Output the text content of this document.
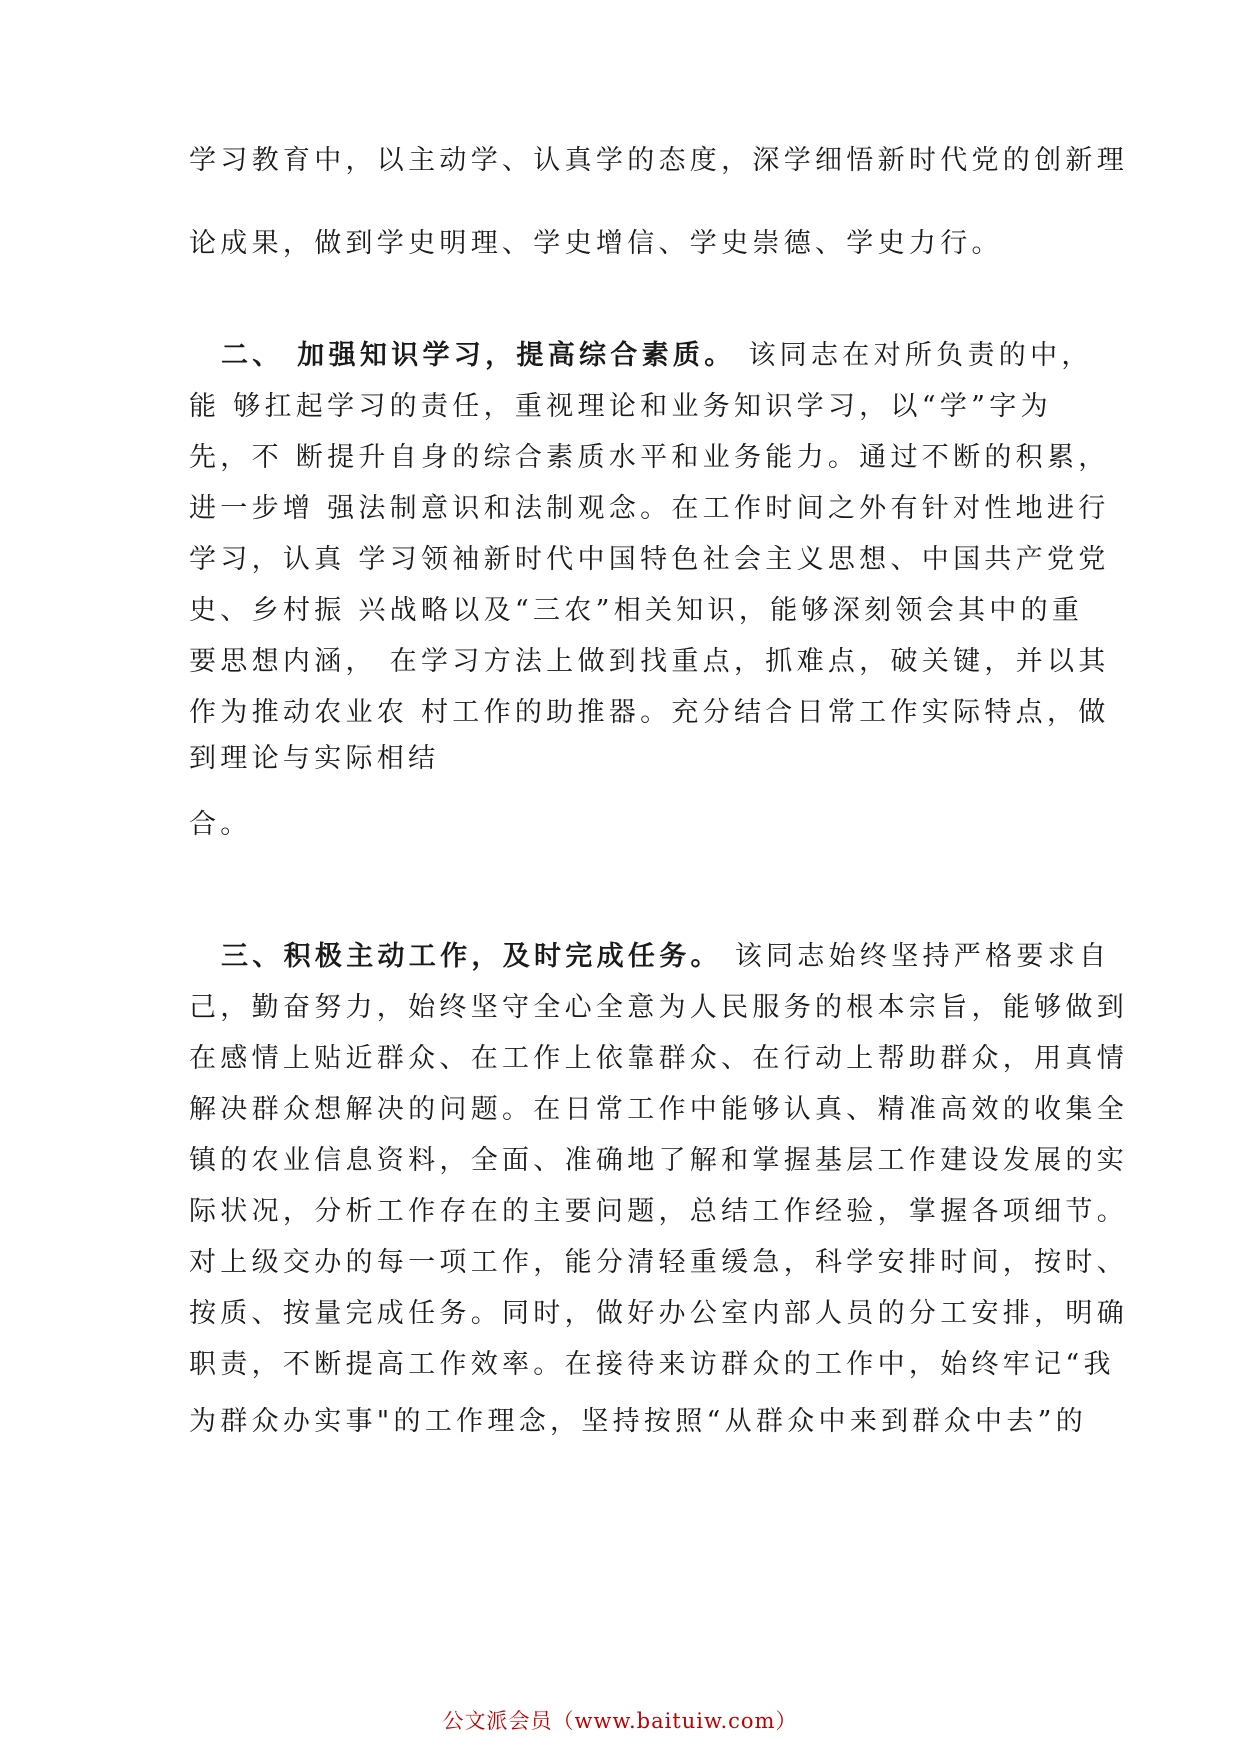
学习教育中，以主动学、认真学的态度，深学细悟新时代党的创新理
论成果，做到学史明理、学史增信、学史崇德、学史力行。
二、 加强知识学习，提高综合素质。 该同志在对所负责的中，
能 够扛起学习的责任，重视理论和业务知识学习，以“学”字为
先，不 断提升自身的综合素质水平和业务能力。通过不断的积累，
进一步增 强法制意识和法制观念。在工作时间之外有针对性地进行
学习，认真 学习领袖新时代中国特色社会主义思想、中国共产党党
史、乡村振 兴战略以及“三农”相关知识，能够深刻领会其中的重
要思想内涵， 在学习方法上做到找重点，抓难点，破关键，并以其
作为推动农业农 村工作的助推器。充分结合日常工作实际特点，做
到理论与实际相结
合。
三、积极主动工作，及时完成任务。 该同志始终坚持严格要求自
己，勤奋努力，始终坚守全心全意为人民服务的根本宗旨，能够做到
在感情上贴近群众、在工作上依靠群众、在行动上帮助群众，用真情
解决群众想解决的问题。在日常工作中能够认真、精准高效的收集全
镇的农业信息资料，全面、准确地了解和掌握基层工作建设发展的实
际状况，分析工作存在的主要问题，总结工作经验，掌握各项细节。
对上级交办的每一项工作，能分清轻重缓急，科学安排时间，按时、
按质、按量完成任务。同时，做好办公室内部人员的分工安排，明确
职责，不断提高工作效率。在接待来访群众的工作中，始终牢记“我
为群众办实事"的工作理念，坚持按照“从群众中来到群众中去”的
公文派会员（www.baituiw.com）
